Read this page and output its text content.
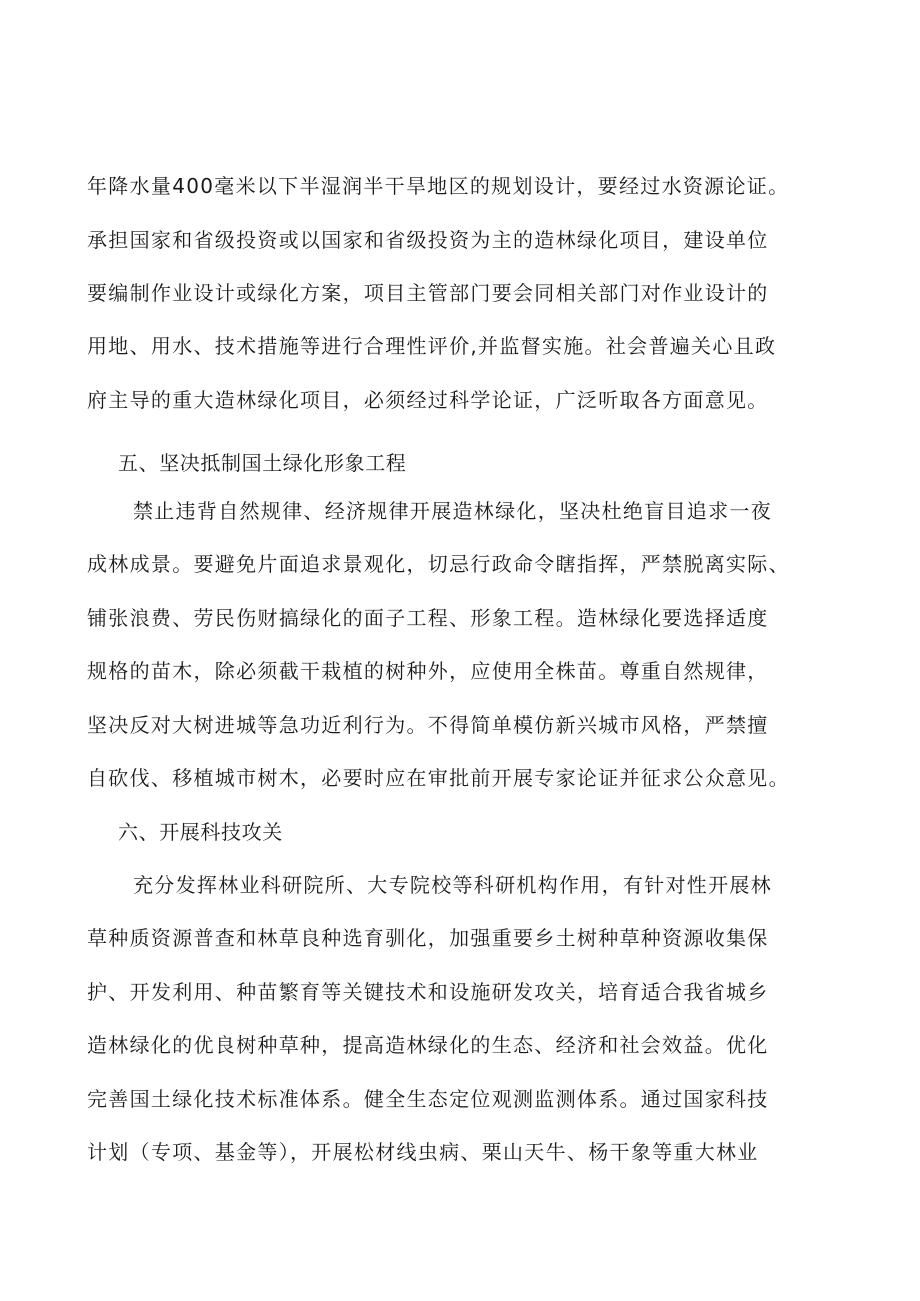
年降水量400毫米以下半湿润半干旱地区的规划设计，要经过水资源论证。
承担国家和省级投资或以国家和省级投资为主的造林绿化项目，建设单位
要编制作业设计或绿化方案，项目主管部门要会同相关部门对作业设计的
用地、用水、技术措施等进行合理性评价,并监督实施。社会普遍关心且政
府主导的重大造林绿化项目，必须经过科学论证，广泛听取各方面意见。
五、坚决抵制国土绿化形象工程
禁止违背自然规律、经济规律开展造林绿化，坚决杜绝盲目追求一夜
成林成景。要避免片面追求景观化，切忌行政命令瞎指挥，严禁脱离实际、
铺张浪费、劳民伤财搞绿化的面子工程、形象工程。造林绿化要选择适度
规格的苗木，除必须截干栽植的树种外，应使用全株苗。尊重自然规律，
坚决反对大树进城等急功近利行为。不得简单模仿新兴城市风格，严禁擅
自砍伐、移植城市树木，必要时应在审批前开展专家论证并征求公众意见。
六、开展科技攻关
充分发挥林业科研院所、大专院校等科研机构作用，有针对性开展林
草种质资源普查和林草良种选育驯化，加强重要乡土树种草种资源收集保
护、开发利用、种苗繁育等关键技术和设施研发攻关，培育适合我省城乡
造林绿化的优良树种草种，提高造林绿化的生态、经济和社会效益。优化
完善国土绿化技术标准体系。健全生态定位观测监测体系。通过国家科技
计划（专项、基金等），开展松材线虫病、栗山天牛、杨干象等重大林业
